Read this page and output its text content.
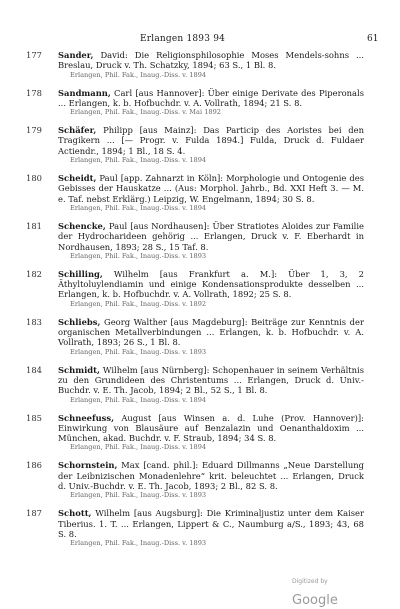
Erlangen 1893 94	61
177	Sander, David: Die Religionsphilosophie Moses Mendels-sohns ... Breslau, Druck v. Th. Schatzky, 1894; 63 S., 1 Bl. 8.
Erlangen, Phil. Fak., Inaug.-Diss. v. 1894
178	Sandmann, Carl [aus Hannover]: Über einige Derivate des Piperonals ... Erlangen, k. b. Hofbuchdr. v. A. Vollrath, 1894; 21 S. 8.
Erlangen, Phil. Fak., Inaug.-Diss. v. Mai 1892
179	Schäfer, Philipp [aus Mainz]: Das Particip des Aoristes bei den Tragikern ... [— Progr. v. Fulda 1894.] Fulda, Druck d. Fuldaer Actiendr., 1894; 1 Bl., 18 S. 4.
Erlangen, Phil. Fak., Inaug.-Diss. v. 1894
180	Scheidt, Paul [app. Zahnarzt in Köln]: Morphologie und Ontogenie des Gebisses der Hauskatze ... (Aus: Morphol. Jahrb., Bd. XXI Heft 3. — M. e. Taf. nebst Erklärg.) Leipzig, W. Engelmann, 1894; 30 S. 8.
Erlangen, Phil. Fak., Inaug.-Diss. v. 1894
181	Schencke, Paul [aus Nordhausen]: Über Stratiotes Aloides zur Familie der Hydrocharideen gehörig ... Erlangen, Druck v. F. Eberhardt in Nordhausen, 1893; 28 S., 15 Taf. 8.
Erlangen, Phil. Fak., Inaug.-Diss. v. 1893
182	Schilling, Wilhelm [aus Frankfurt a. M.]: Über 1, 3, 2 Äthyltoluylendiamin und einige Kondensationsprodukte desselben ... Erlangen, k. b. Hofbuchdr. v. A. Vollrath, 1892; 25 S. 8.
Erlangen, Phil. Fak., Inaug.-Diss. v. 1892
183	Schliebs, Georg Walther [aus Magdeburg]: Beiträge zur Kenntnis der organischen Metallverbindungen ... Erlangen, k. b. Hofbuchdr. v. A. Vollrath, 1893; 26 S., 1 Bl. 8.
Erlangen, Phil. Fak., Inaug.-Diss. v. 1893
184	Schmidt, Wilhelm [aus Nürnberg]: Schopenhauer in seinem Verhältnis zu den Grundideen des Christentums ... Erlangen, Druck d. Univ.-Buchdr. v. E. Th. Jacob, 1894; 2 Bl., 52 S., 1 Bl. 8.
Erlangen, Phil. Fak., Inaug.-Diss. v. 1894
185	Schneefuss, August [aus Winsen a. d. Luhe (Prov. Hannover)]: Einwirkung von Blausäure auf Benzalazin und Oenanthaldoxim ... München, akad. Buchdr. v. F. Straub, 1894; 34 S. 8.
Erlangen, Phil. Fak., Inaug.-Diss. v. 1894
186	Schornstein, Max [cand. phil.]: Eduard Dillmanns „Neue Darstellung der Leibnizischen Monadenlehre“ krit. beleuchtet ... Erlangen, Druck d. Univ.-Buchdr. v. E. Th. Jacob, 1893; 2 Bl., 82 S. 8.
Erlangen, Phil. Fak., Inaug.-Diss. v. 1893
187	Schott, Wilhelm [aus Augsburg]: Die Kriminaljustiz unter dem Kaiser Tiberius. 1. T. ... Erlangen, Lippert & C., Naumburg a/S., 1893; 43, 68 S. 8.
Erlangen, Phil. Fak., Inaug.-Diss. v. 1893
Digitized by Google
